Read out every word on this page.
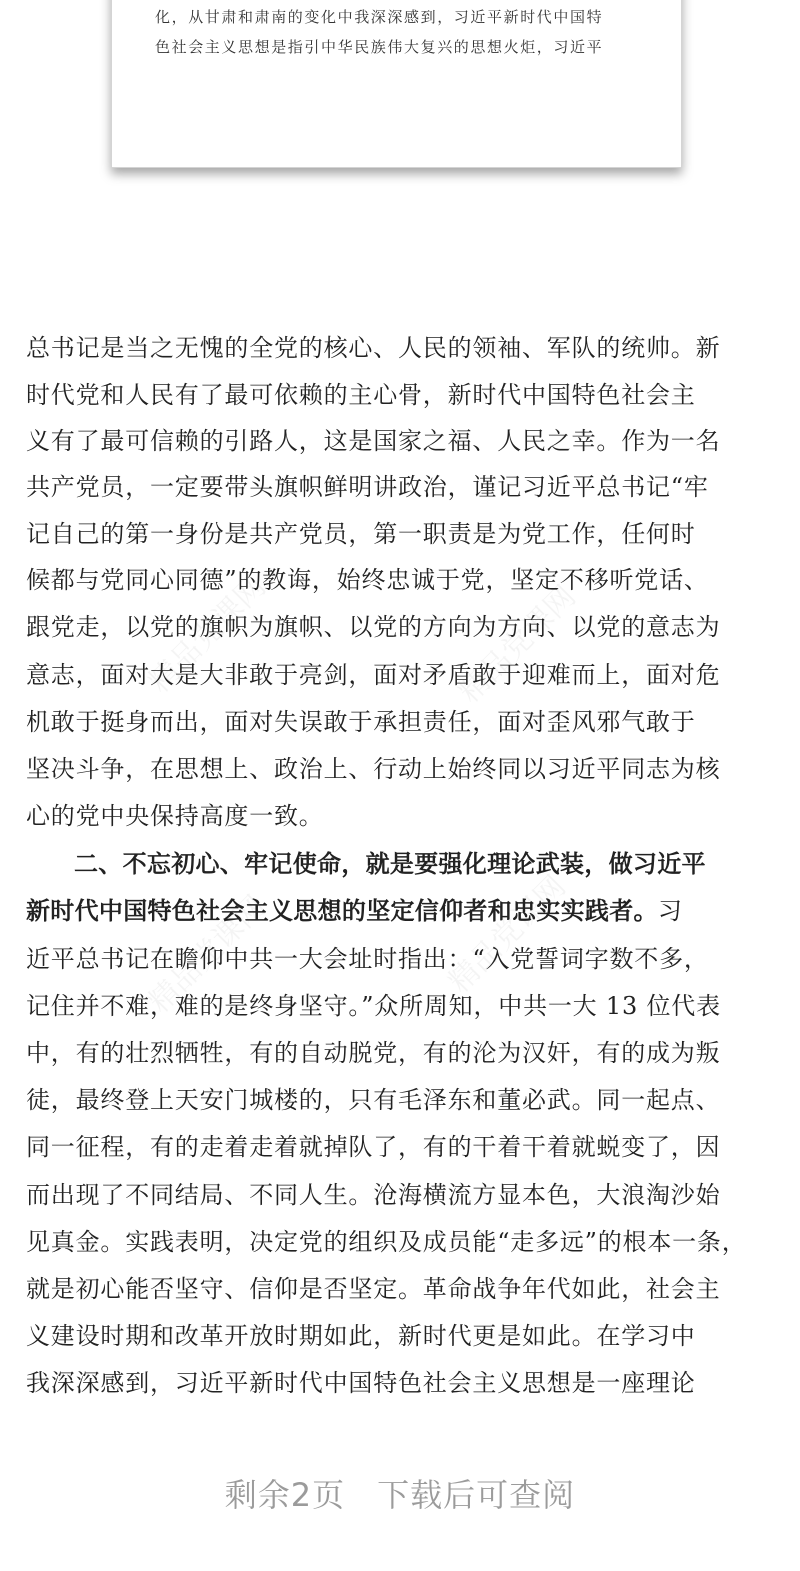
化，从甘肃和肃南的变化中我深深感到，习近平新时代中国特
色社会主义思想是指引中华民族伟大复兴的思想火炬，习近平
总书记是当之无愧的全党的核心、人民的领袖、军队的统帅。新
时代党和人民有了最可依赖的主心骨，新时代中国特色社会主
义有了最可信赖的引路人，这是国家之福、人民之幸。作为一名
共产党员，一定要带头旗帜鲜明讲政治，谨记习近平总书记“牢
记自己的第一身份是共产党员，第一职责是为党工作，任何时
候都与党同心同德”的教诲，始终忠诚于党，坚定不移听党话、
跟党走，以党的旗帜为旗帜、以党的方向为方向、以党的意志为
意志，面对大是大非敢于亮剑，面对矛盾敢于迎难而上，面对危
机敢于挺身而出，面对失误敢于承担责任，面对歪风邪气敢于
坚决斗争，在思想上、政治上、行动上始终同以习近平同志为核
心的党中央保持高度一致。
二、不忘初心、牢记使命，就是要强化理论武装，做习近平
新时代中国特色社会主义思想的坚定信仰者和忠实实践者。习
近平总书记在瞻仰中共一大会址时指出：“入党誓词字数不多，
记住并不难，难的是终身坚守。”众所周知，中共一大 13 位代表
中，有的壮烈牺牲，有的自动脱党，有的沦为汉奸，有的成为叛
徒，最终登上天安门城楼的，只有毛泽东和董必武。同一起点、
同一征程，有的走着走着就掉队了，有的干着干着就蜕变了，因
而出现了不同结局、不同人生。沧海横流方显本色，大浪淘沙始
见真金。实践表明，决定党的组织及成员能“走多远”的根本一条，
就是初心能否坚守、信仰是否坚定。革命战争年代如此，社会主
义建设时期和改革开放时期如此，新时代更是如此。在学习中
我深深感到，习近平新时代中国特色社会主义思想是一座理论
剩余2页 下载后可查阅
